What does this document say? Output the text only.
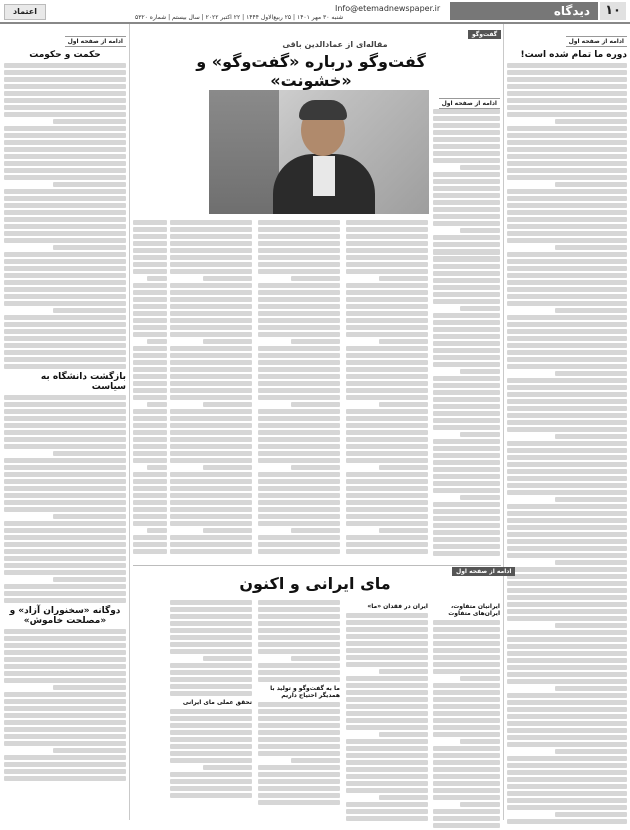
۱۰
دیدگاه
Info@etemadnewspaper.ir
شنبه ۳۰ مهر ۱۴۰۱ | ۲۵ ربیع‌الاول ۱۴۴۴ | ۲۲ اکتبر ۲۰۲۲ | سال بیستم | شماره ۵۳۲۰
اعتماد
ادامه از صفحه اول
دوره ما تمام شده است!
گفت‌وگو
مقاله‌ای از عمادالدین باقی
گفت‌وگو درباره «گفت‌وگو» و «خشونت»
ادامه از صفحه اول
ادامه از صفحه اول
مای ایرانی و اکنون
ایرانیان متفاوت، ایران‌های متفاوت
ایران در فقدان «ما»
ما به گفت‌وگو و تولید با همدیگر احتیاج داریم
تحقق عملی مای ایرانی
ادامه از صفحه اول
حکمت و حکومت
بازگشت دانشگاه به سیاست
دوگانه «سخنوران آزاد» و «مصلحت خاموش»
